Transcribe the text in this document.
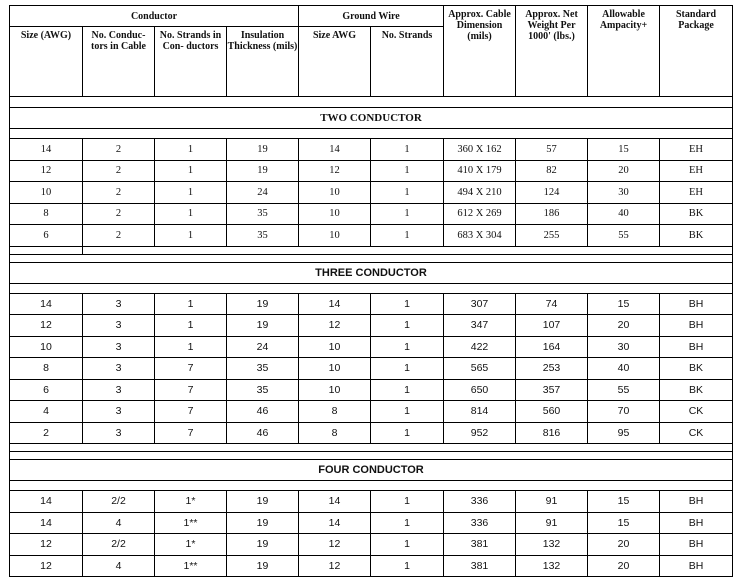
Conductor				Ground Wire		Approx. Cable Dimension (mils)	Approx. Net Weight Per 1000' (lbs.)	Allowable Ampacity+	Standard Package
Size (AWG)	No. Conduc- tors in Cable	No. Strands in Con- ductors	Insulation Thickness (mils)	Size AWG	No. Strands				

TWO CONDUCTOR									

14	2	1	19	14	1	360 X 162	57	15	EH
12	2	1	19	12	1	410 X 179	82	20	EH
10	2	1	24	10	1	494 X 210	124	30	EH
8	2	1	35	10	1	612 X 269	186	40	BK
6	2	1	35	10	1	683 X 304	255	55	BK

THREE CONDUCTOR									

14	3	1	19	14	1	307	74	15	BH
12	3	1	19	12	1	347	107	20	BH
10	3	1	24	10	1	422	164	30	BH
8	3	7	35	10	1	565	253	40	BK
6	3	7	35	10	1	650	357	55	BK
4	3	7	46	8	1	814	560	70	CK
2	3	7	46	8	1	952	816	95	CK

FOUR CONDUCTOR									

14	2/2	1*	19	14	1	336	91	15	BH
14	4	1**	19	14	1	336	91	15	BH
12	2/2	1*	19	12	1	381	132	20	BH
12	4	1**	19	12	1	381	132	20	BH
